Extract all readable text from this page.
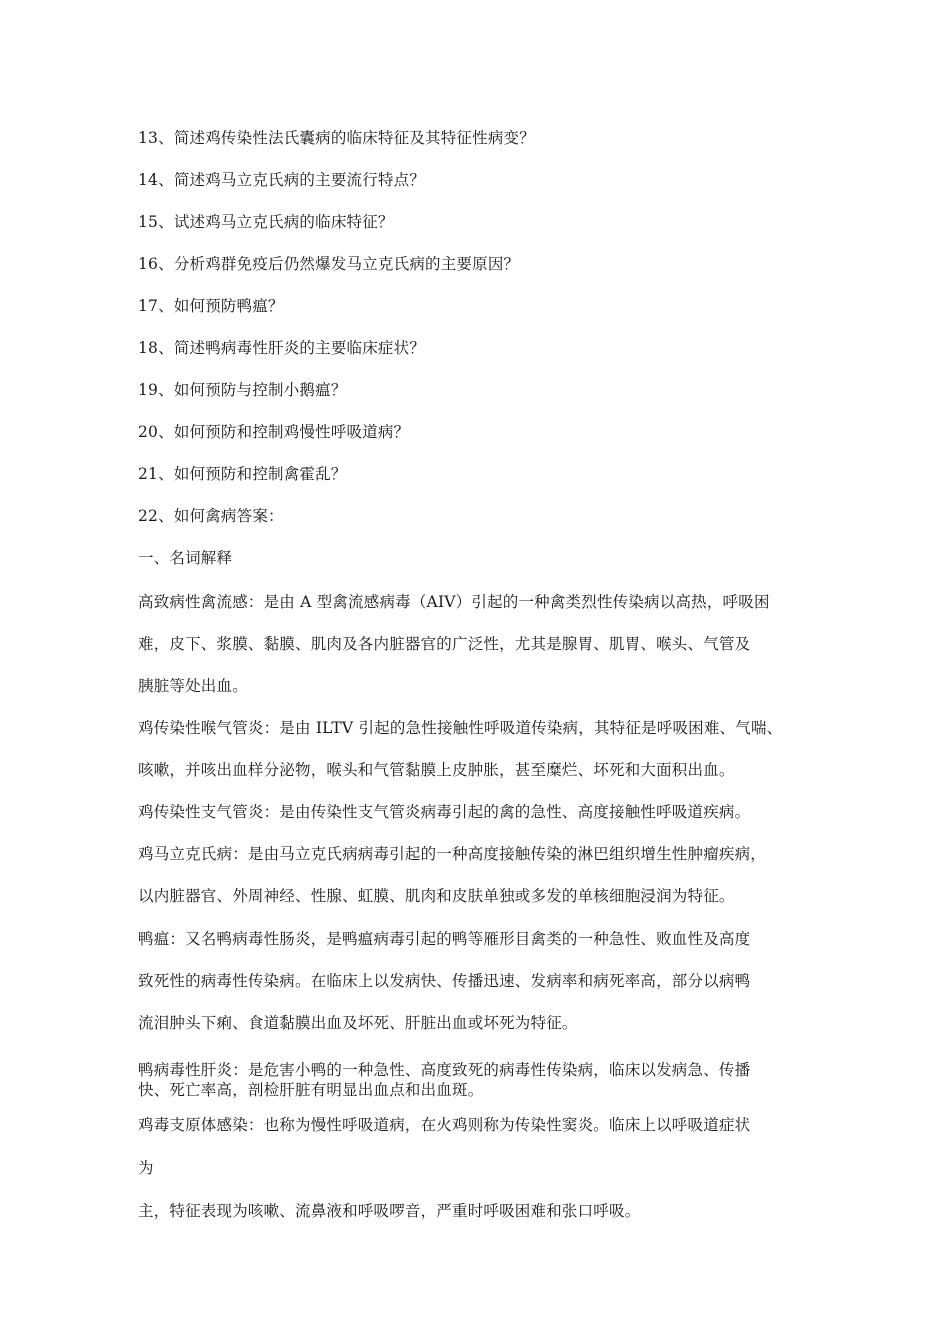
13、简述鸡传染性法氏囊病的临床特征及其特征性病变？
14、简述鸡马立克氏病的主要流行特点？
15、试述鸡马立克氏病的临床特征？
16、分析鸡群免疫后仍然爆发马立克氏病的主要原因？
17、如何预防鸭瘟？
18、简述鸭病毒性肝炎的主要临床症状？
19、如何预防与控制小鹅瘟？
20、如何预防和控制鸡慢性呼吸道病？
21、如何预防和控制禽霍乱？
22、如何禽病答案：
一、名词解释
高致病性禽流感：是由 A 型禽流感病毒（AIV）引起的一种禽类烈性传染病以高热，呼吸困
难，皮下、浆膜、黏膜、肌肉及各内脏器官的广泛性，尤其是腺胃、肌胃、喉头、气管及
胰脏等处出血。
鸡传染性喉气管炎：是由 ILTV 引起的急性接触性呼吸道传染病，其特征是呼吸困难、气喘、
咳嗽，并咳出血样分泌物，喉头和气管黏膜上皮肿胀，甚至糜烂、坏死和大面积出血。
鸡传染性支气管炎：是由传染性支气管炎病毒引起的禽的急性、高度接触性呼吸道疾病。
鸡马立克氏病：是由马立克氏病病毒引起的一种高度接触传染的淋巴组织增生性肿瘤疾病，
以内脏器官、外周神经、性腺、虹膜、肌肉和皮肤单独或多发的单核细胞浸润为特征。
鸭瘟：又名鸭病毒性肠炎，是鸭瘟病毒引起的鸭等雁形目禽类的一种急性、败血性及高度
致死性的病毒性传染病。在临床上以发病快、传播迅速、发病率和病死率高，部分以病鸭
流泪肿头下痢、食道黏膜出血及坏死、肝脏出血或坏死为特征。
鸭病毒性肝炎：是危害小鸭的一种急性、高度致死的病毒性传染病，临床以发病急、传播
快、死亡率高，剖检肝脏有明显出血点和出血斑。
鸡毒支原体感染：也称为慢性呼吸道病，在火鸡则称为传染性窦炎。临床上以呼吸道症状
为
主，特征表现为咳嗽、流鼻液和呼吸啰音，严重时呼吸困难和张口呼吸。
